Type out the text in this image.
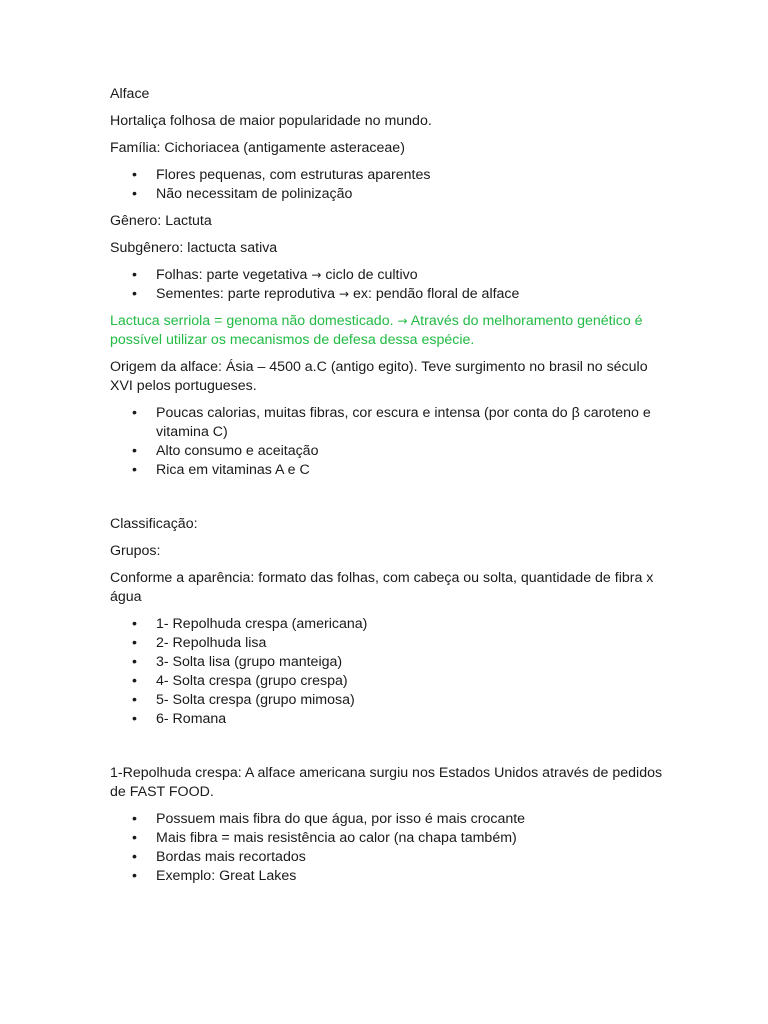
Alface

Hortaliça folhosa de maior popularidade no mundo.

Família: Cichoriacea (antigamente asteraceae)

• Flores pequenas, com estruturas aparentes
• Não necessitam de polinização

Gênero: Lactuta

Subgênero: lactucta sativa

• Folhas: parte vegetativa → ciclo de cultivo
• Sementes: parte reprodutiva → ex: pendão floral de alface

Lactuca serriola = genoma não domesticado. → Através do melhoramento genético é possível utilizar os mecanismos de defesa dessa espécie.

Origem da alface: Ásia – 4500 a.C (antigo egito). Teve surgimento no brasil no século XVI pelos portugueses.

• Poucas calorias, muitas fibras, cor escura e intensa (por conta do β caroteno e vitamina C)
• Alto consumo e aceitação
• Rica em vitaminas A e C

Classificação:

Grupos:

Conforme a aparência: formato das folhas, com cabeça ou solta, quantidade de fibra x água

• 1- Repolhuda crespa (americana)
• 2- Repolhuda lisa
• 3- Solta lisa (grupo manteiga)
• 4- Solta crespa (grupo crespa)
• 5- Solta crespa (grupo mimosa)
• 6- Romana

1-Repolhuda crespa: A alface americana surgiu nos Estados Unidos através de pedidos de FAST FOOD.

• Possuem mais fibra do que água, por isso é mais crocante
• Mais fibra = mais resistência ao calor (na chapa também)
• Bordas mais recortados
• Exemplo: Great Lakes
